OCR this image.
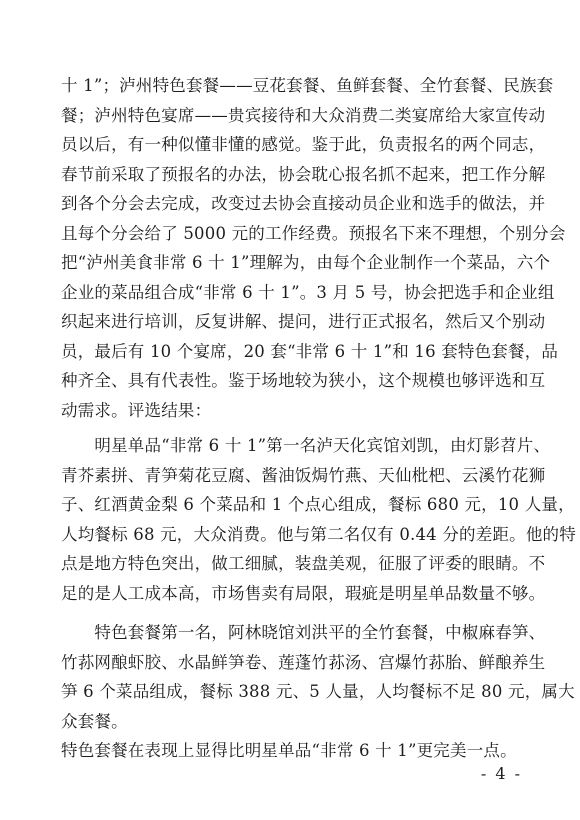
十 1”；泸州特色套餐——豆花套餐、鱼鲜套餐、全竹套餐、民族套
餐；泸州特色宴席——贵宾接待和大众消费二类宴席给大家宣传动
员以后，有一种似懂非懂的感觉。鉴于此，负责报名的两个同志，
春节前采取了预报名的办法，协会耽心报名抓不起来，把工作分解
到各个分会去完成，改变过去协会直接动员企业和选手的做法，并
且每个分会给了 5000 元的工作经费。预报名下来不理想，个别分会
把“泸州美食非常 6 十 1”理解为，由每个企业制作一个菜品，六个
企业的菜品组合成“非常 6 十 1”。3 月 5 号，协会把选手和企业组
织起来进行培训，反复讲解、提问，进行正式报名，然后又个别动
员，最后有 10 个宴席，20 套“非常 6 十 1”和 16 套特色套餐，品
种齐全、具有代表性。鉴于场地较为狭小，这个规模也够评选和互
动需求。评选结果：
　　明星单品“非常 6 十 1”第一名泸天化宾馆刘凯，由灯影苕片、
青芥素拼、青笋菊花豆腐、酱油饭焗竹燕、天仙枇杷、云溪竹花狮
子、红酒黄金梨 6 个菜品和 1 个点心组成，餐标 680 元，10 人量，
人均餐标 68 元，大众消费。他与第二名仅有 0.44 分的差距。他的特
点是地方特色突出，做工细腻，装盘美观，征服了评委的眼睛。不
足的是人工成本高，市场售卖有局限，瑕疵是明星单品数量不够。
　　特色套餐第一名，阿林晓馆刘洪平的全竹套餐，中椒麻春笋、
竹荪网酿虾胶、水晶鲜笋卷、莲蓬竹荪汤、宫爆竹荪胎、鲜酿养生
笋 6 个菜品组成，餐标 388 元、5 人量，人均餐标不足 80 元，属大
众套餐。
特色套餐在表现上显得比明星单品“非常 6 十 1”更完美一点。
- 4 -
